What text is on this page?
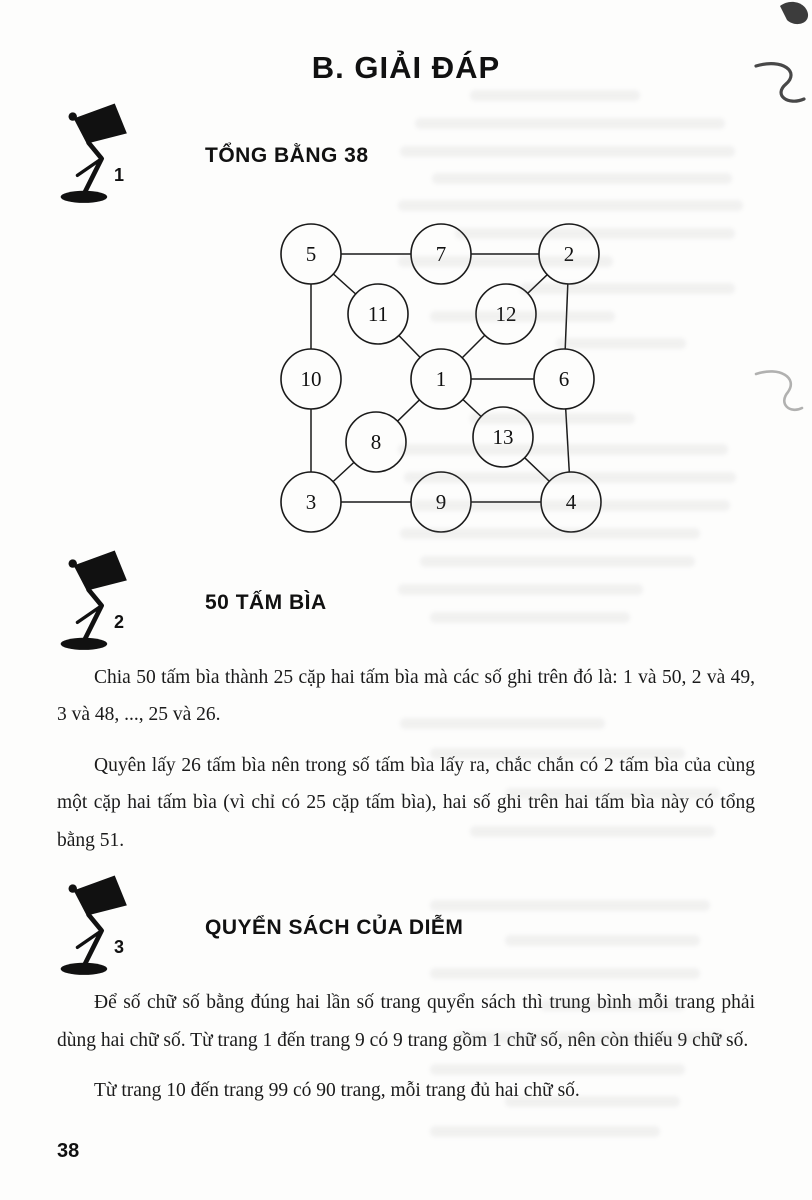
B. GIẢI ĐÁP
1
TỔNG BẰNG 38
5	7	2
11	12
10	1	6
8	13
3	9	4
2
50 TẤM BÌA

Chia 50 tấm bìa thành 25 cặp hai tấm bìa mà các số ghi trên đó là: 1 và 50, 2 và 49, 3 và 48, ..., 25 và 26.

Quyên lấy 26 tấm bìa nên trong số tấm bìa lấy ra, chắc chắn có 2 tấm bìa của cùng một cặp hai tấm bìa (vì chỉ có 25 cặp tấm bìa), hai số ghi trên hai tấm bìa này có tổng bằng 51.

3
QUYỂN SÁCH CỦA DIỄM

Để số chữ số bằng đúng hai lần số trang quyển sách thì trung bình mỗi trang phải dùng hai chữ số. Từ trang 1 đến trang 9 có 9 trang gồm 1 chữ số, nên còn thiếu 9 chữ số.

Từ trang 10 đến trang 99 có 90 trang, mỗi trang đủ hai chữ số.

38
